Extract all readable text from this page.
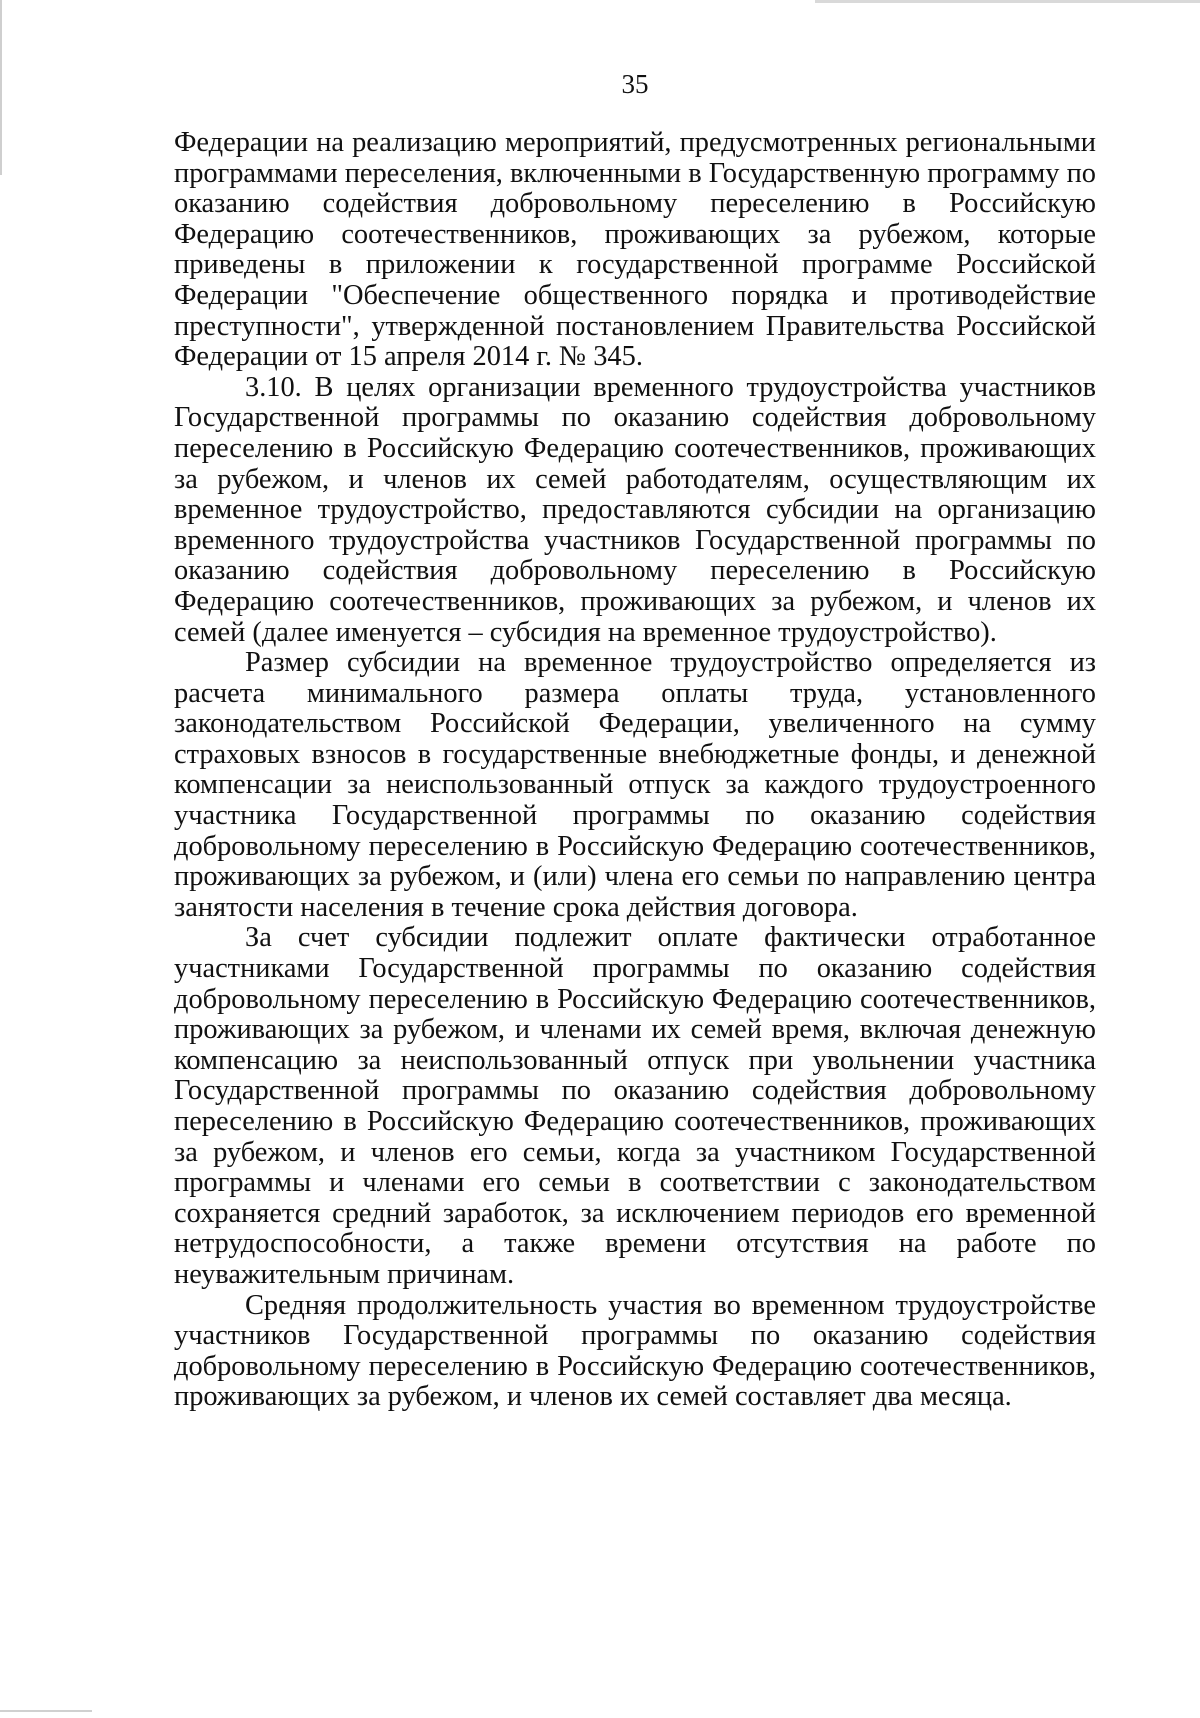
35

Федерации на реализацию мероприятий, предусмотренных региональными программами переселения, включенными в Государственную программу по оказанию содействия добровольному переселению в Российскую Федерацию соотечественников, проживающих за рубежом, которые приведены в приложении к государственной программе Российской Федерации "Обеспечение общественного порядка и противодействие преступности", утвержденной постановлением Правительства Российской Федерации от 15 апреля 2014 г. № 345.

3.10. В целях организации временного трудоустройства участников Государственной программы по оказанию содействия добровольному переселению в Российскую Федерацию соотечественников, проживающих за рубежом, и членов их семей работодателям, осуществляющим их временное трудоустройство, предоставляются субсидии на организацию временного трудоустройства участников Государственной программы по оказанию содействия добровольному переселению в Российскую Федерацию соотечественников, проживающих за рубежом, и членов их семей (далее именуется – субсидия на временное трудоустройство).

Размер субсидии на временное трудоустройство определяется из расчета минимального размера оплаты труда, установленного законодательством Российской Федерации, увеличенного на сумму страховых взносов в государственные внебюджетные фонды, и денежной компенсации за неиспользованный отпуск за каждого трудоустроенного участника Государственной программы по оказанию содействия добровольному переселению в Российскую Федерацию соотечественников, проживающих за рубежом, и (или) члена его семьи по направлению центра занятости населения в течение срока действия договора.

За счет субсидии подлежит оплате фактически отработанное участниками Государственной программы по оказанию содействия добровольному переселению в Российскую Федерацию соотечественников, проживающих за рубежом, и членами их семей время, включая денежную компенсацию за неиспользованный отпуск при увольнении участника Государственной программы по оказанию содействия добровольному переселению в Российскую Федерацию соотечественников, проживающих за рубежом, и членов его семьи, когда за участником Государственной программы и членами его семьи в соответствии с законодательством сохраняется средний заработок, за исключением периодов его временной нетрудоспособности, а также времени отсутствия на работе по неуважительным причинам.

Средняя продолжительность участия во временном трудоустройстве участников Государственной программы по оказанию содействия добровольному переселению в Российскую Федерацию соотечественников, проживающих за рубежом, и членов их семей составляет два месяца.
